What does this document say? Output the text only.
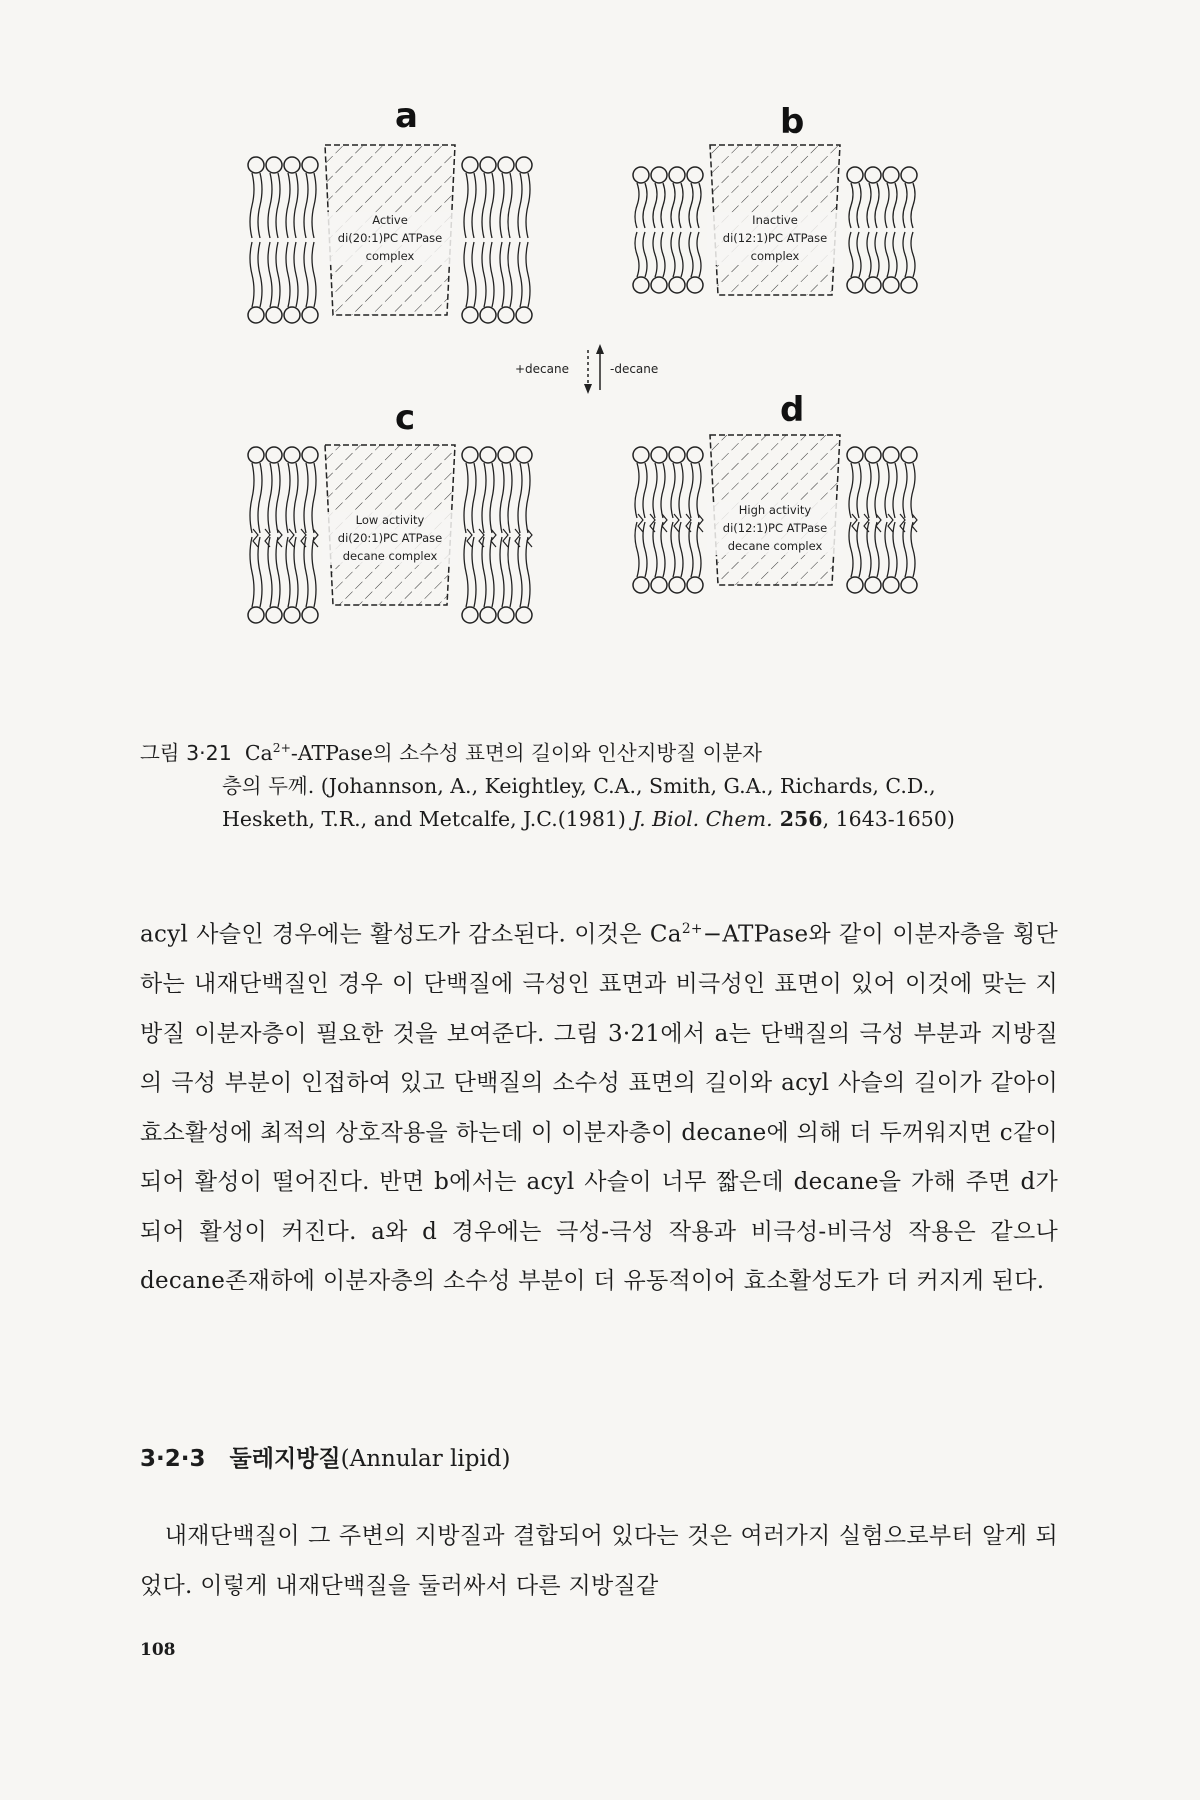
a	b
c	d
Active
di(20:1)PC ATPase
complex
Inactive
di(12:1)PC ATPase
complex
Low activity
di(20:1)PC ATPase
decane complex
High activity
di(12:1)PC ATPase
decane complex
+decane	-decane
그림 3·21 $Ca^{2+}$-ATPase의 소수성 표면의 길이와 인산지방질 이분자
층의 두께. (Johannson, A., Keightley, C.A., Smith, G.A., Richards, C.D.,
Hesketh, T.R., and Metcalfe, J.C.(1981) J. Biol. Chem. 256, 1643-1650)
acyl 사슬인 경우에는 활성도가 감소된다. 이것은 $Ca^{2+}-ATPase$와 같이 이분자층을 횡단하는 내재단백질인 경우 이 단백질에 극성인 표면과 비극성인 표면이 있어 이것에 맞는 지방질 이분자층이 필요한 것을 보여준다. 그림 3·21에서 a는 단백질의 극성 부분과 지방질의 극성 부분이 인접하여 있고 단백질의 소수성 표면의 길이와 acyl 사슬의 길이가 같아이 효소활성에 최적의 상호작용을 하는데 이 이분자층이 decane에 의해 더 두꺼워지면 c같이 되어 활성이 떨어진다. 반면 b에서는 acyl 사슬이 너무 짧은데 decane을 가해 주면 d가 되어 활성이 커진다. a와 d 경우에는 극성-극성 작용과 비극성-비극성 작용은 같으나 decane존재하에 이분자층의 소수성 부분이 더 유동적이어 효소활성도가 더 커지게 된다.
3·2·3 둘레지방질(Annular lipid)
내재단백질이 그 주변의 지방질과 결합되어 있다는 것은 여러가지 실험으로부터 알게 되었다. 이렇게 내재단백질을 둘러싸서 다른 지방질같
108
